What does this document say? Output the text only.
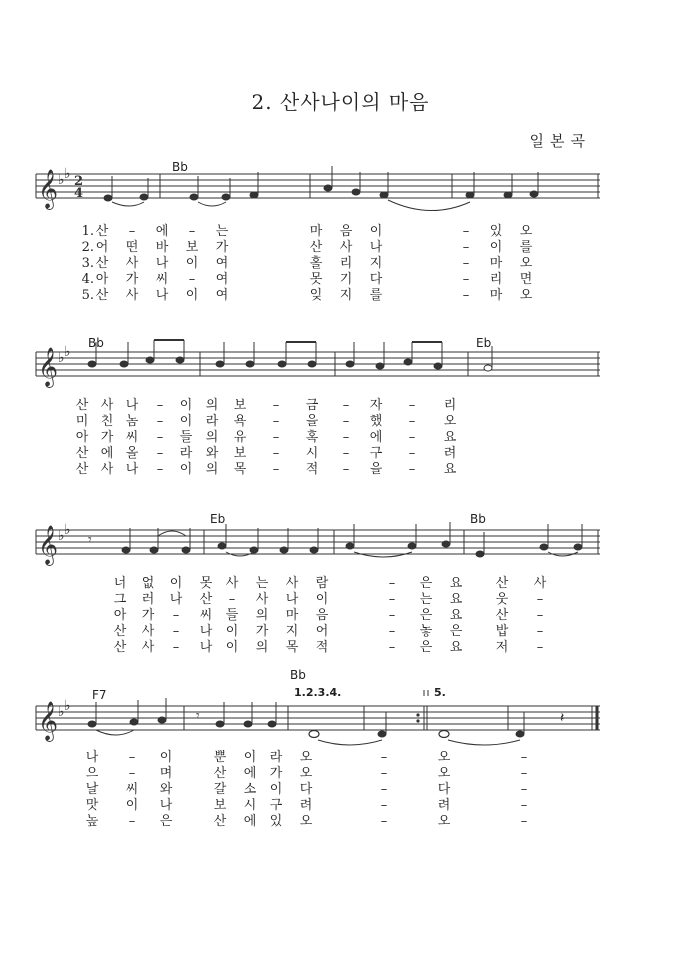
2. 산사나이의 마음
일본곡
Bb
𝄞 ♭ ♭ 2
4
1. 산	–	에	–	는	마 음 이	–	있 오
2. 어 떤 바 보 가	산 사 나	–	이 를
3. 산 사 나 이 여	홀 리 지	–	마 오
4. 아 가 씨	–	여	못 기 다	–	리 면
5. 산 사 나 이 여	잊 지 를	–	마 오
Bb	Eb
𝄞 ♭ ♭
산 사 나	–	이 의 보	–	금	–	자	–	리
미 친 놈	–	이 라 욕	–	을	–	했	–	오
아 가 씨	–	들 의 유	–	혹	–	에	–	요
산 에 올	–	라 와 보	–	시	–	구	–	려
산 사 나	–	이 의 목	–	적	–	을	–	요
Eb	Bb
𝄞 ♭ ♭
𝄾
너 없 이 못 사 는 사 람	–	은 요	산 사
그 러 나 산	–	사 나 이	–	는 요	웃	–
아 가	–	씨 들 의 마 음	–	은 요	산	–
산 사	–	나 이 가 지 어	–	놓 은	밥	–
산 사	–	나 이 의 목 적	–	은 요	저	–
F7
Bb
1.2.3.4.	5.
𝄞 ♭ ♭
𝄾	𝄽
나	–	이	뿐 이 라 오	–	오	–
으	–	며	산 에 가 오	–	오	–
날 씨 와	갈 소 이 다	–	다	–
맛 이 나	보 시 구 려	–	려	–
높	–	은	산 에 있 오	–	오	–
